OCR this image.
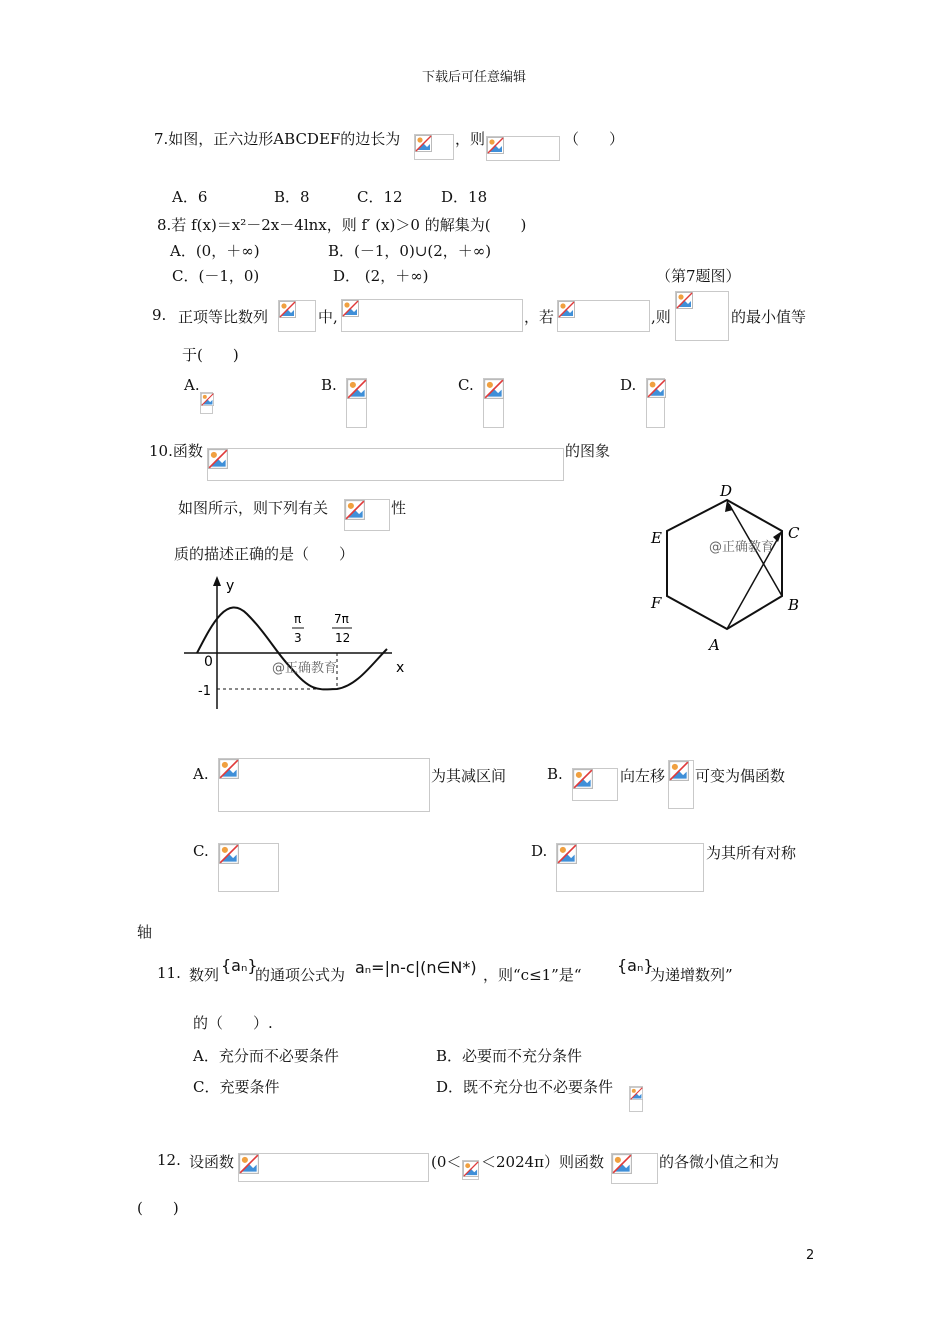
下载后可任意编辑
7.如图，正六边形ABCDEF的边长为	，则	（　　）
A．6	B．8	C．12	D．18
8.若 f(x)＝x²－2x－4lnx，则 f′ (x)＞0 的解集为(　　)
A．(0，＋∞)	B．(－1，0)∪(2，＋∞)
C．(－1，0)	D． (2，＋∞)	（第7题图）
9. 正项等比数列	中,	，若	,则	的最小值等
于(　　)
A.	B.	C.	D.
10.函数	的图象
如图所示，则下列有关	性
质的描述正确的是（　　）
y
x
0
-1
π
3
7π
12
@正确教育
D
C
B
A
F
E
@正确教育
A.	为其减区间	B.	向左移 可变为偶函数
C.	D.	为其所有对称
轴
11. 数列 {aₙ}
的通项公式为 aₙ=|n-c|(n∈N*) ，则“c≤1”是“ {aₙ}
为递增数列”
的（　　）.
A．充分而不必要条件	B．必要而不充分条件
C．充要条件	D．既不充分也不必要条件
12. 设函数	(0＜ ＜2024π）则函数	的各微小值之和为
(　　)
2
